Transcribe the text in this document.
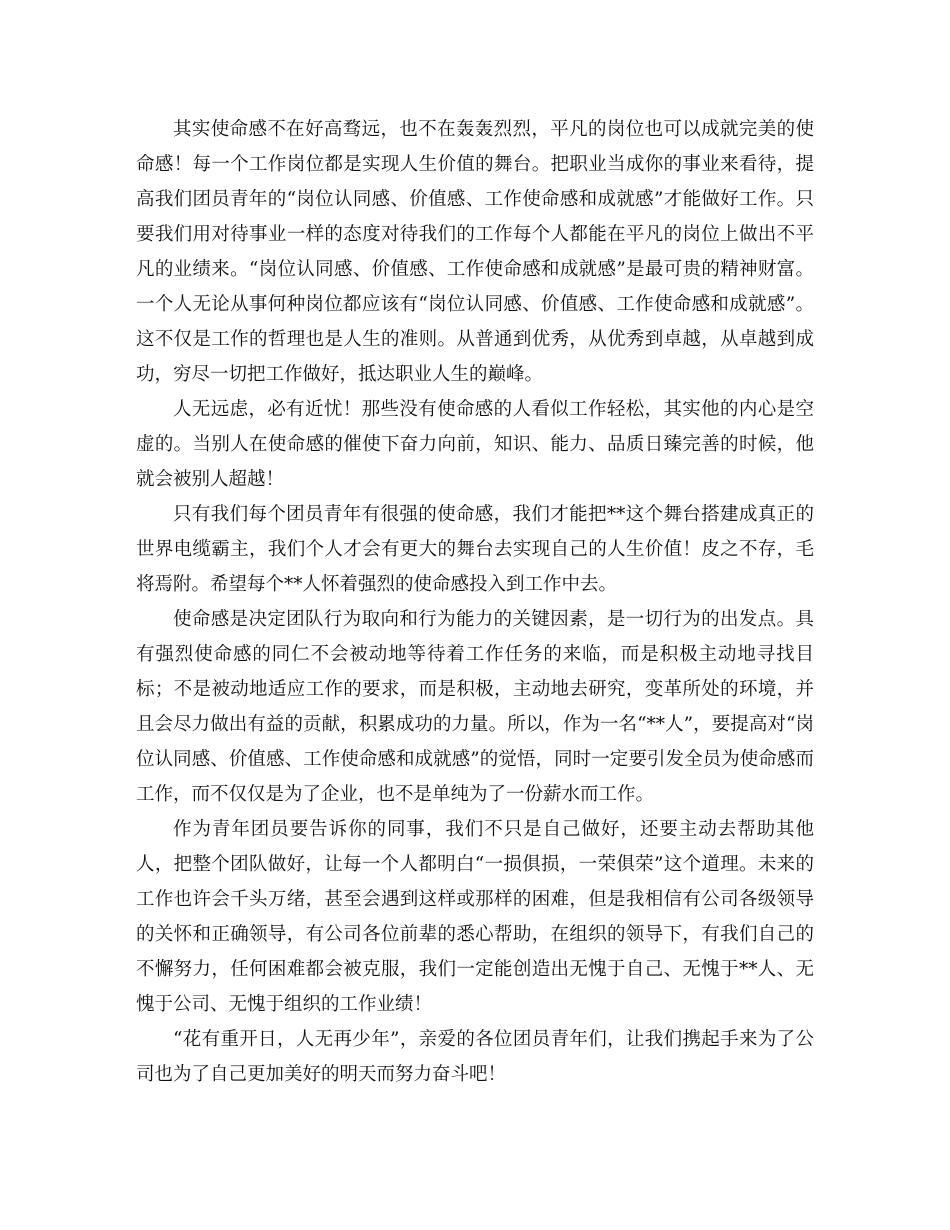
其实使命感不在好高骛远，也不在轰轰烈烈，平凡的岗位也可以成就完美的使命感！每一个工作岗位都是实现人生价值的舞台。把职业当成你的事业来看待，提高我们团员青年的“岗位认同感、价值感、工作使命感和成就感”才能做好工作。只要我们用对待事业一样的态度对待我们的工作每个人都能在平凡的岗位上做出不平凡的业绩来。“岗位认同感、价值感、工作使命感和成就感”是最可贵的精神财富。一个人无论从事何种岗位都应该有“岗位认同感、价值感、工作使命感和成就感”。这不仅是工作的哲理也是人生的准则。从普通到优秀，从优秀到卓越，从卓越到成功，穷尽一切把工作做好，抵达职业人生的巅峰。

人无远虑，必有近忧！那些没有使命感的人看似工作轻松，其实他的内心是空虚的。当别人在使命感的催使下奋力向前，知识、能力、品质日臻完善的时候，他就会被别人超越！

只有我们每个团员青年有很强的使命感，我们才能把**这个舞台搭建成真正的世界电缆霸主，我们个人才会有更大的舞台去实现自己的人生价值！皮之不存，毛将焉附。希望每个**人怀着强烈的使命感投入到工作中去。

使命感是决定团队行为取向和行为能力的关键因素，是一切行为的出发点。具有强烈使命感的同仁不会被动地等待着工作任务的来临，而是积极主动地寻找目标；不是被动地适应工作的要求，而是积极，主动地去研究，变革所处的环境，并且会尽力做出有益的贡献，积累成功的力量。所以，作为一名“**人”，要提高对“岗位认同感、价值感、工作使命感和成就感”的觉悟，同时一定要引发全员为使命感而工作，而不仅仅是为了企业，也不是单纯为了一份薪水而工作。

作为青年团员要告诉你的同事，我们不只是自己做好，还要主动去帮助其他人，把整个团队做好，让每一个人都明白“一损俱损，一荣俱荣”这个道理。未来的工作也许会千头万绪，甚至会遇到这样或那样的困难，但是我相信有公司各级领导的关怀和正确领导，有公司各位前辈的悉心帮助，在组织的领导下，有我们自己的不懈努力，任何困难都会被克服，我们一定能创造出无愧于自己、无愧于**人、无愧于公司、无愧于组织的工作业绩！

“花有重开日，人无再少年”，亲爱的各位团员青年们，让我们携起手来为了公司也为了自己更加美好的明天而努力奋斗吧！
